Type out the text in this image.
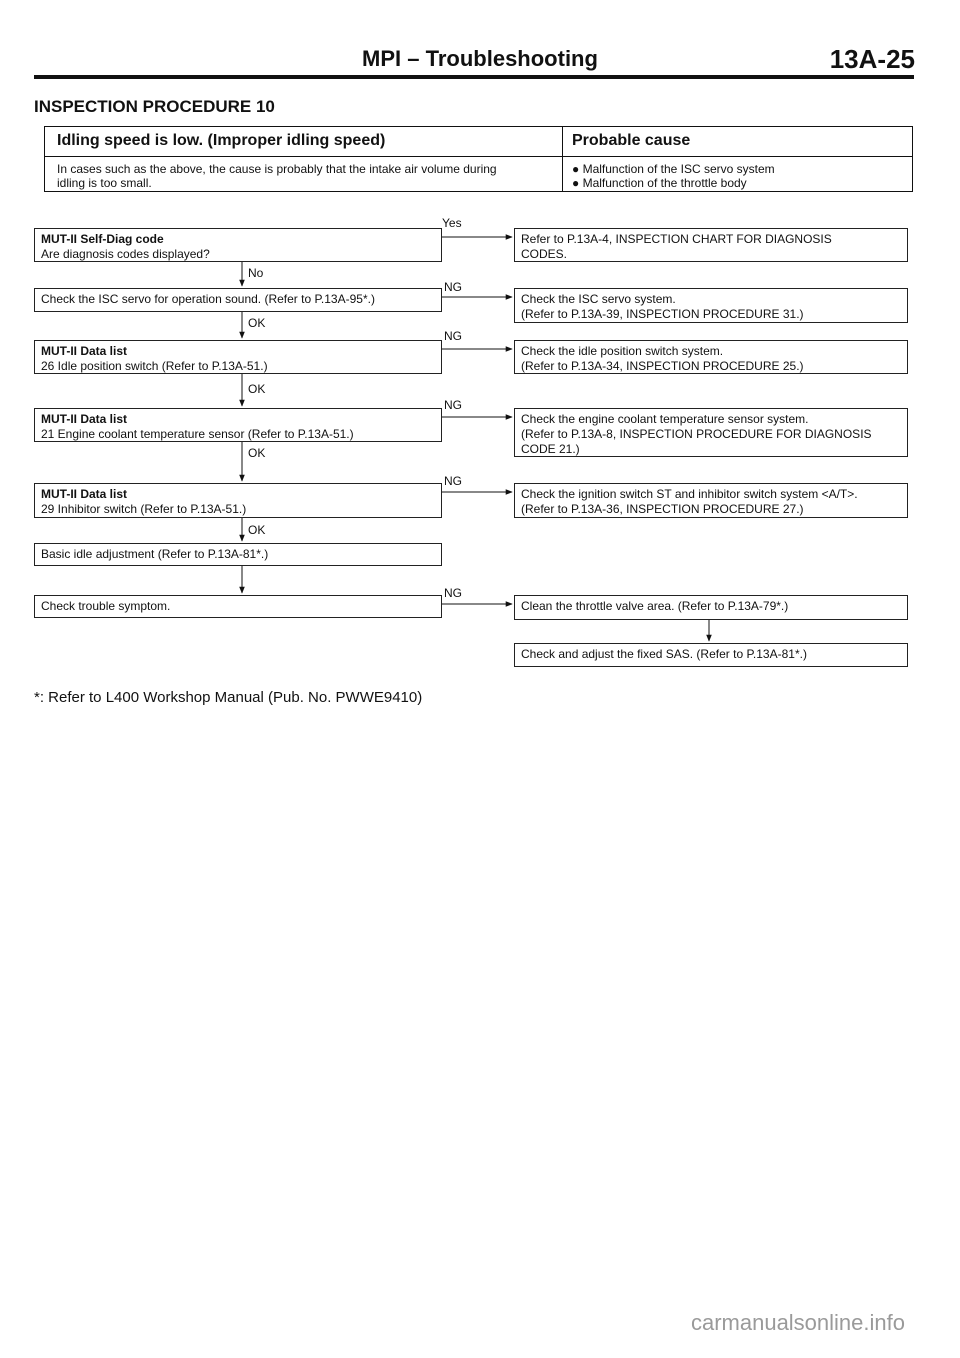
MPI – Troubleshooting	13A-25
INSPECTION PROCEDURE 10
Idling speed is low. (Improper idling speed)	Probable cause
In cases such as the above, the cause is probably that the intake air volume during
idling is too small.
● Malfunction of the ISC servo system
● Malfunction of the throttle body
MUT-II Self-Diag code
Are diagnosis codes displayed?
Check the ISC servo for operation sound. (Refer to P.13A-95*.)
MUT-II Data list
26 Idle position switch (Refer to P.13A-51.)
MUT-II Data list
21 Engine coolant temperature sensor (Refer to P.13A-51.)
MUT-II Data list
29 Inhibitor switch (Refer to P.13A-51.)
Basic idle adjustment (Refer to P.13A-81*.)
Check trouble symptom.
Refer to P.13A-4, INSPECTION CHART FOR DIAGNOSIS
CODES.
Check the ISC servo system.
(Refer to P.13A-39, INSPECTION PROCEDURE 31.)
Check the idle position switch system.
(Refer to P.13A-34, INSPECTION PROCEDURE 25.)
Check the engine coolant temperature sensor system.
(Refer to P.13A-8, INSPECTION PROCEDURE FOR DIAGNOSIS
CODE 21.)
Check the ignition switch ST and inhibitor switch system <A/T>.
(Refer to P.13A-36, INSPECTION PROCEDURE 27.)
Clean the throttle valve area. (Refer to P.13A-79*.)
Check and adjust the fixed SAS. (Refer to P.13A-81*.)
Yes
NG
NG
NG
NG
NG
No
OK
OK
OK
OK
*: Refer to L400 Workshop Manual (Pub. No. PWWE9410)
carmanualsonline.info
